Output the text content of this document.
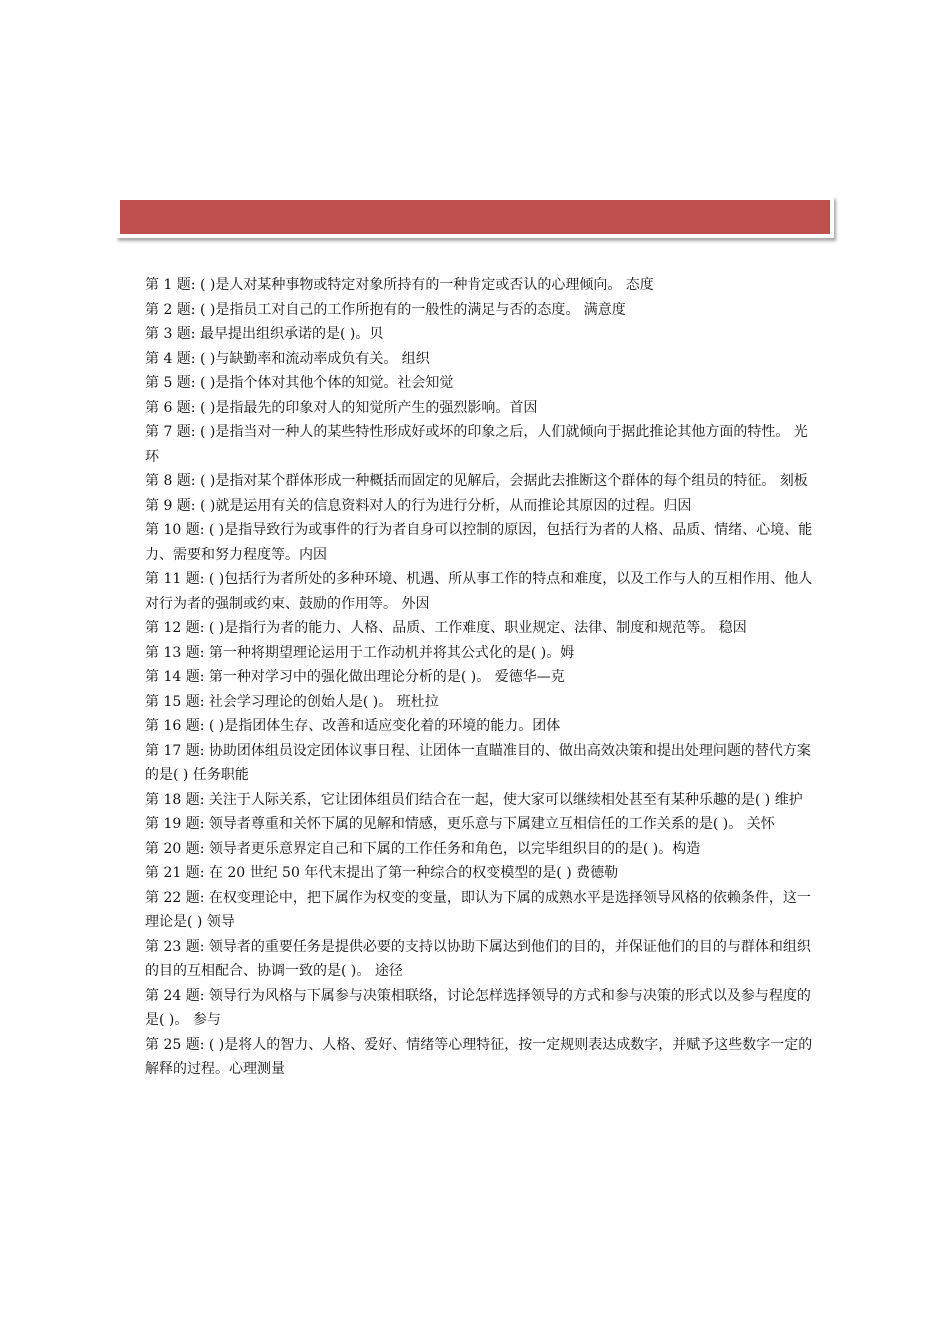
第 1 题: ( )是人对某种事物或特定对象所持有的一种肯定或否认的心理倾向。 态度
第 2 题: ( )是指员工对自己的工作所抱有的一般性的满足与否的态度。 满意度
第 3 题: 最早提出组织承诺的是( )。贝
第 4 题: ( )与缺勤率和流动率成负有关。 组织
第 5 题: ( )是指个体对其他个体的知觉。社会知觉
第 6 题: ( )是指最先的印象对人的知觉所产生的强烈影响。首因
第 7 题: ( )是指当对一种人的某些特性形成好或坏的印象之后，人们就倾向于据此推论其他方面的特性。 光环
第 8 题: ( )是指对某个群体形成一种概括而固定的见解后，会据此去推断这个群体的每个组员的特征。 刻板
第 9 题: ( )就是运用有关的信息资料对人的行为进行分析，从而推论其原因的过程。归因
第 10 题: ( )是指导致行为或事件的行为者自身可以控制的原因，包括行为者的人格、品质、情绪、心境、能力、需要和努力程度等。内因
第 11 题: ( )包括行为者所处的多种环境、机遇、所从事工作的特点和难度，以及工作与人的互相作用、他人对行为者的强制或约束、鼓励的作用等。 外因
第 12 题: ( )是指行为者的能力、人格、品质、工作难度、职业规定、法律、制度和规范等。 稳因
第 13 题: 第一种将期望理论运用于工作动机并将其公式化的是( )。姆
第 14 题: 第一种对学习中的强化做出理论分析的是( )。 爱德华—克
第 15 题: 社会学习理论的创始人是( )。 班杜拉
第 16 题: ( )是指团体生存、改善和适应变化着的环境的能力。团体
第 17 题: 协助团体组员设定团体议事日程、让团体一直瞄准目的、做出高效决策和提出处理问题的替代方案的是( ) 任务职能
第 18 题: 关注于人际关系，它让团体组员们结合在一起，使大家可以继续相处甚至有某种乐趣的是( ) 维护
第 19 题: 领导者尊重和关怀下属的见解和情感，更乐意与下属建立互相信任的工作关系的是( )。 关怀
第 20 题: 领导者更乐意界定自己和下属的工作任务和角色，以完毕组织目的的是( )。构造
第 21 题: 在 20 世纪 50 年代末提出了第一种综合的权变模型的是( ) 费德勒
第 22 题: 在权变理论中，把下属作为权变的变量，即认为下属的成熟水平是选择领导风格的依赖条件，这一理论是( ) 领导
第 23 题: 领导者的重要任务是提供必要的支持以协助下属达到他们的目的，并保证他们的目的与群体和组织的目的互相配合、协调一致的是( )。 途径
第 24 题: 领导行为风格与下属参与决策相联络，讨论怎样选择领导的方式和参与决策的形式以及参与程度的是( )。 参与
第 25 题: ( )是将人的智力、人格、爱好、情绪等心理特征，按一定规则表达成数字，并赋予这些数字一定的解释的过程。心理测量
